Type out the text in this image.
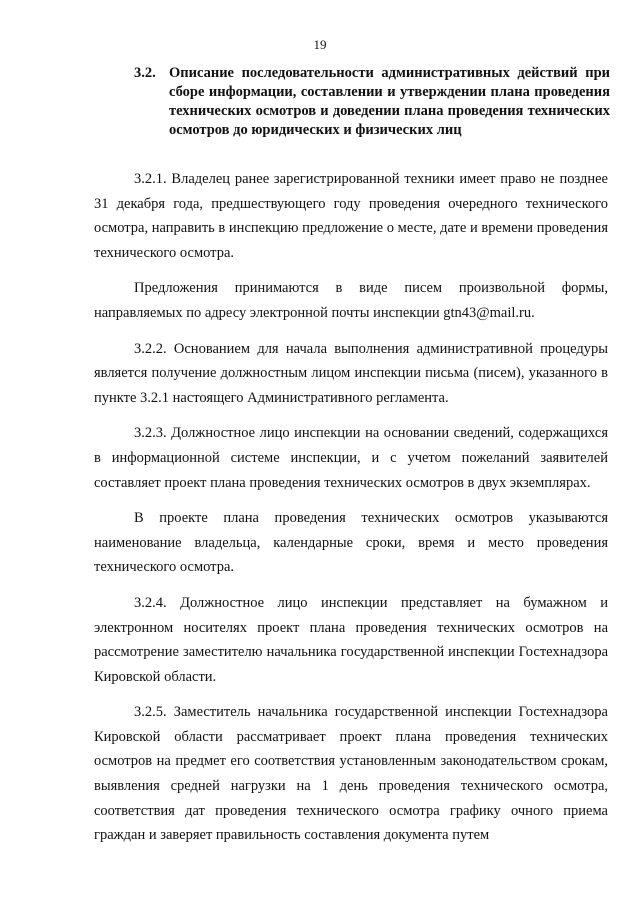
19
3.2. Описание последовательности административных действий при сборе информации, составлении и утверждении плана проведения технических осмотров и доведении плана проведения технических осмотров до юридических и физических лиц

3.2.1. Владелец ранее зарегистрированной техники имеет право не позднее 31 декабря года, предшествующего году проведения очередного технического осмотра, направить в инспекцию предложение о месте, дате и времени проведения технического осмотра.

Предложения принимаются в виде писем произвольной формы, направляемых по адресу электронной почты инспекции gtn43@mail.ru.

3.2.2. Основанием для начала выполнения административной процедуры является получение должностным лицом инспекции письма (писем), указанного в пункте 3.2.1 настоящего Административного регламента.

3.2.3. Должностное лицо инспекции на основании сведений, содержащихся в информационной системе инспекции, и с учетом пожеланий заявителей составляет проект плана проведения технических осмотров в двух экземплярах.

В проекте плана проведения технических осмотров указываются наименование владельца, календарные сроки, время и место проведения технического осмотра.

3.2.4. Должностное лицо инспекции представляет на бумажном и электронном носителях проект плана проведения технических осмотров на рассмотрение заместителю начальника государственной инспекции Гостехнадзора Кировской области.

3.2.5. Заместитель начальника государственной инспекции Гостехнадзора Кировской области рассматривает проект плана проведения технических осмотров на предмет его соответствия установленным законодательством срокам, выявления средней нагрузки на 1 день проведения технического осмотра, соответствия дат проведения технического осмотра графику очного приема граждан и заверяет правильность составления документа путем
